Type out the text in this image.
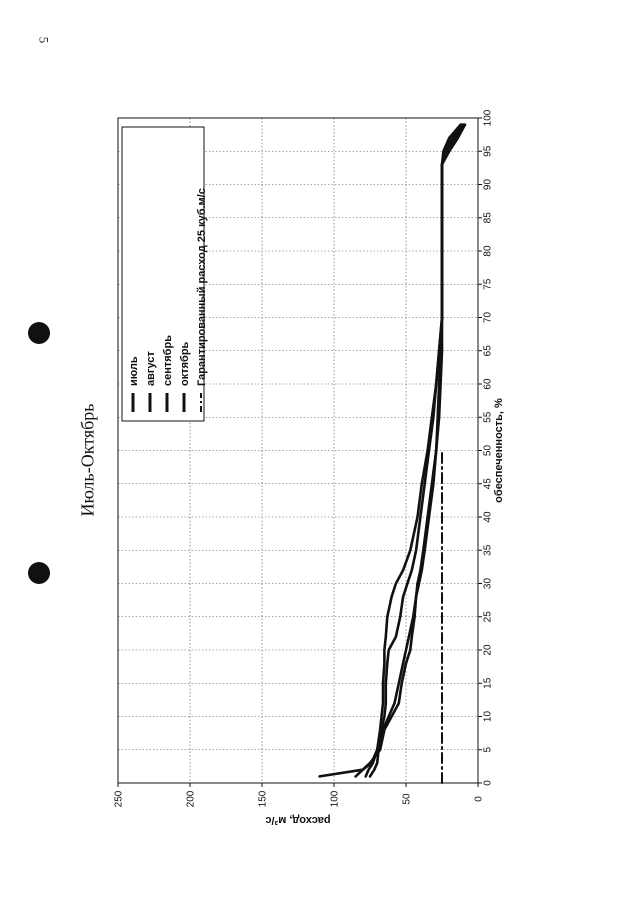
5
Июль-Октябрь
0
5
10
15
20
25
30
35
40
45
50
55
60
65
70
75
80
85
90
95
100
0
50
100
150
200
250
июль август сентябрь октябрь Гарантированный расход 25 куб.м/с
обеспеченность, %
расход, м³/с
